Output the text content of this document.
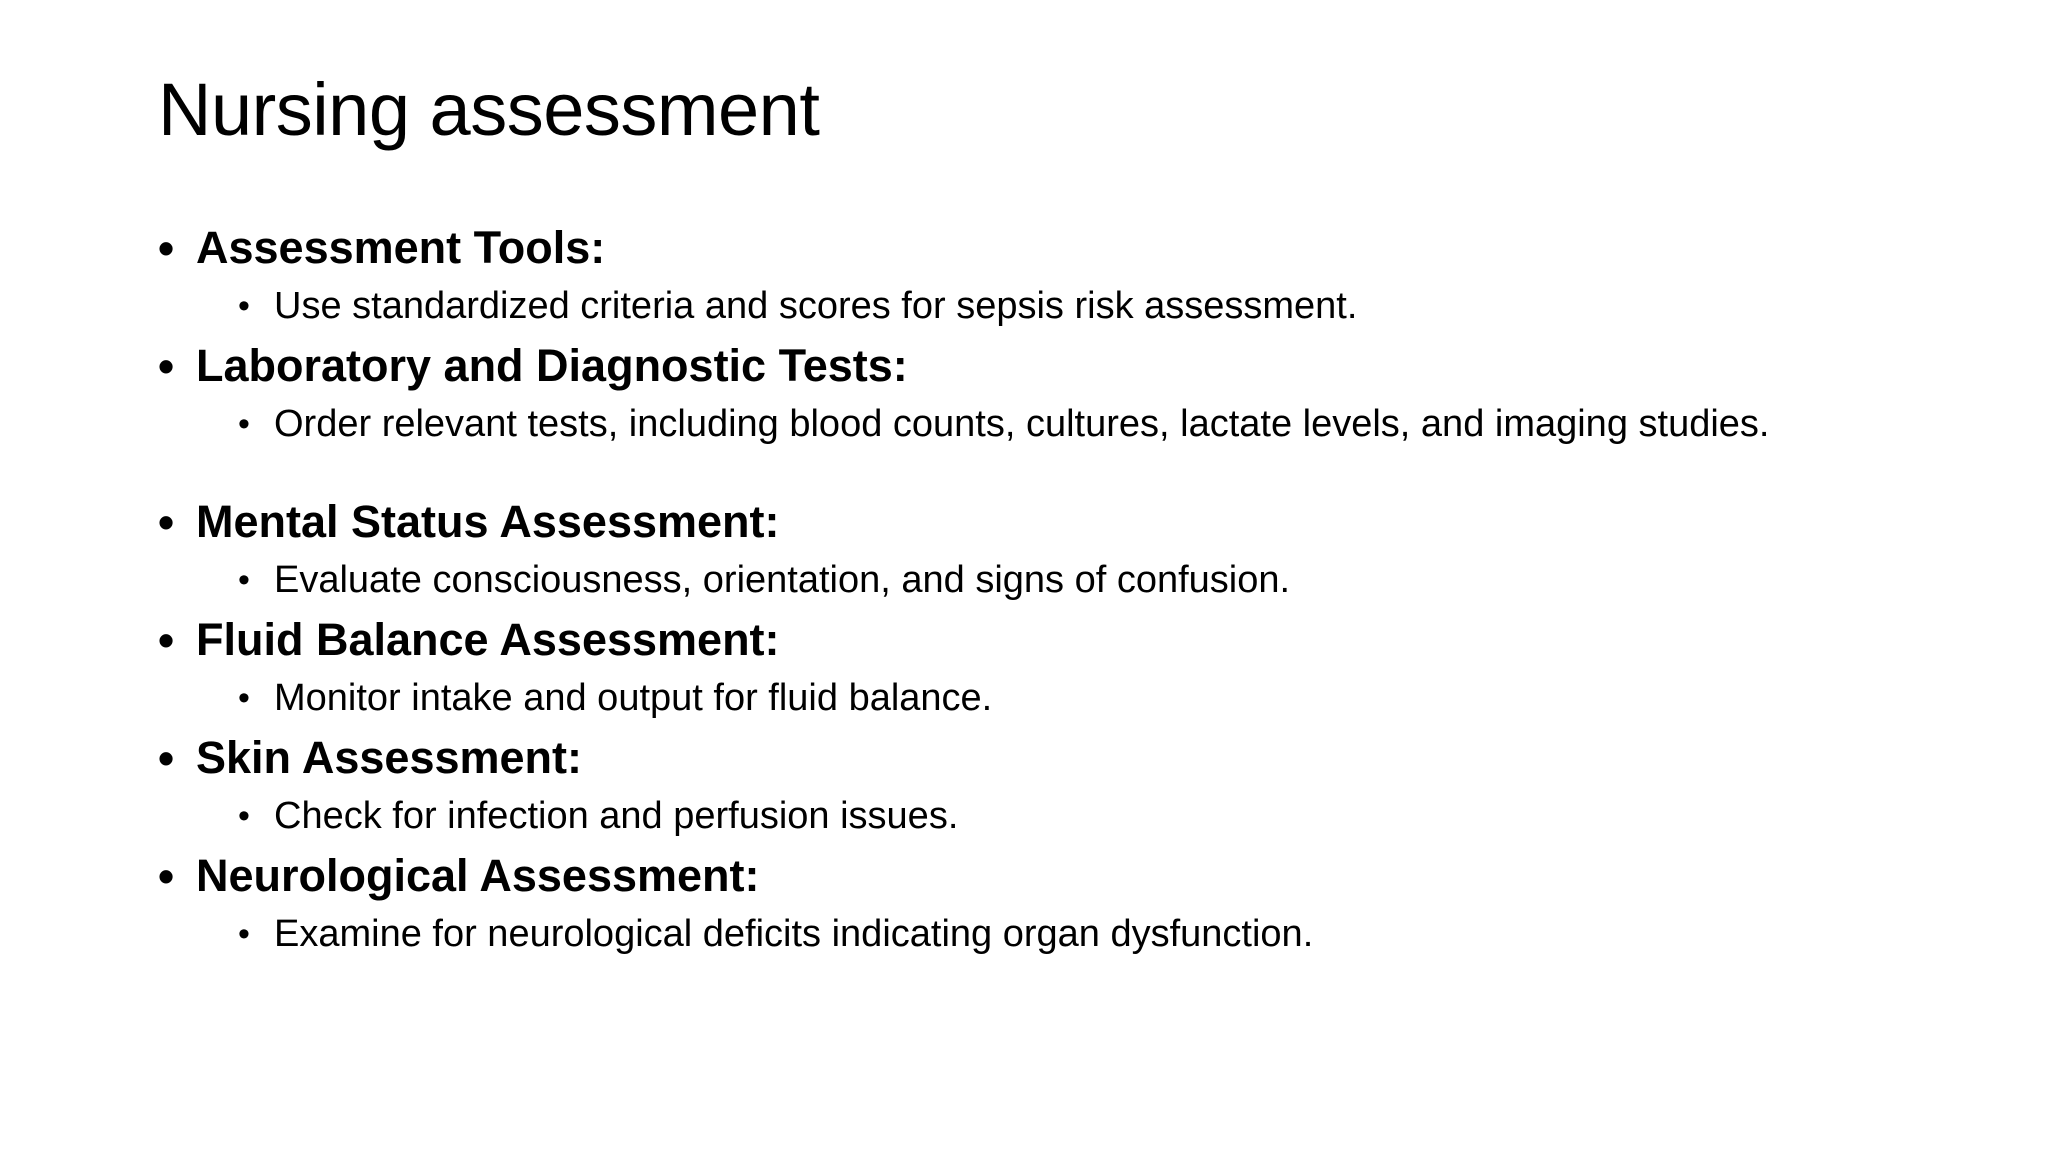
Nursing assessment
• Assessment Tools:
• Use standardized criteria and scores for sepsis risk assessment.
• Laboratory and Diagnostic Tests:
• Order relevant tests, including blood counts, cultures, lactate levels, and imaging studies.
• Mental Status Assessment:
• Evaluate consciousness, orientation, and signs of confusion.
• Fluid Balance Assessment:
• Monitor intake and output for fluid balance.
• Skin Assessment:
• Check for infection and perfusion issues.
• Neurological Assessment:
• Examine for neurological deficits indicating organ dysfunction.
